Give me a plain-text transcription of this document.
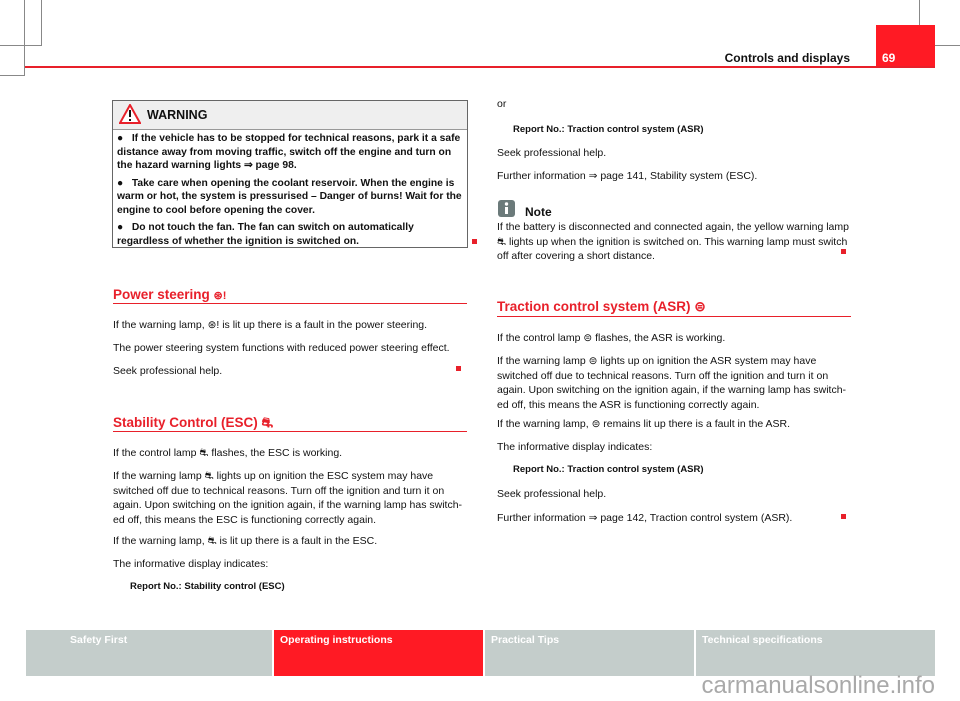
Controls and displays	69
WARNING
●   If the vehicle has to be stopped for technical reasons, park it a safe distance away from moving traffic, switch off the engine and turn on the hazard warning lights ⇒ page 98.
●   Take care when opening the coolant reservoir. When the engine is warm or hot, the system is pressurised – Danger of burns! Wait for the engine to cool before opening the cover.
●   Do not touch the fan. The fan can switch on automatically regardless of whether the ignition is switched on.
Power steering ⊛!
If the warning lamp, ⊛! is lit up there is a fault in the power steering.
The power steering system functions with reduced power steering effect.
Seek professional help.
Stability Control (ESC) ⛐
If the control lamp ⛐ flashes, the ESC is working.
If the warning lamp ⛐ lights up on ignition the ESC system may have switched off due to technical reasons. Turn off the ignition and turn it on again. Upon switching on the ignition again, if the warning lamp has switch-ed off, this means the ESC is functioning correctly again.
If the warning lamp, ⛐ is lit up there is a fault in the ESC.
The informative display indicates:
Report No.: Stability control (ESC)
or
Report No.: Traction control system (ASR)
Seek professional help.
Further information ⇒ page 141, Stability system (ESC).
Note
If the battery is disconnected and connected again, the yellow warning lamp ⛐ lights up when the ignition is switched on. This warning lamp must switch off after covering a short distance.
Traction control system (ASR) ⊜
If the control lamp ⊜ flashes, the ASR is working.
If the warning lamp ⊜ lights up on ignition the ASR system may have switched off due to technical reasons. Turn off the ignition and turn it on again. Upon switching on the ignition again, if the warning lamp has switch-ed off, this means the ASR is functioning correctly again.
If the warning lamp, ⊜ remains lit up there is a fault in the ASR.
The informative display indicates:
Report No.: Traction control system (ASR)
Seek professional help.
Further information ⇒ page 142, Traction control system (ASR).
Safety First	Operating instructions	Practical Tips	Technical specifications
carmanualsonline.info
